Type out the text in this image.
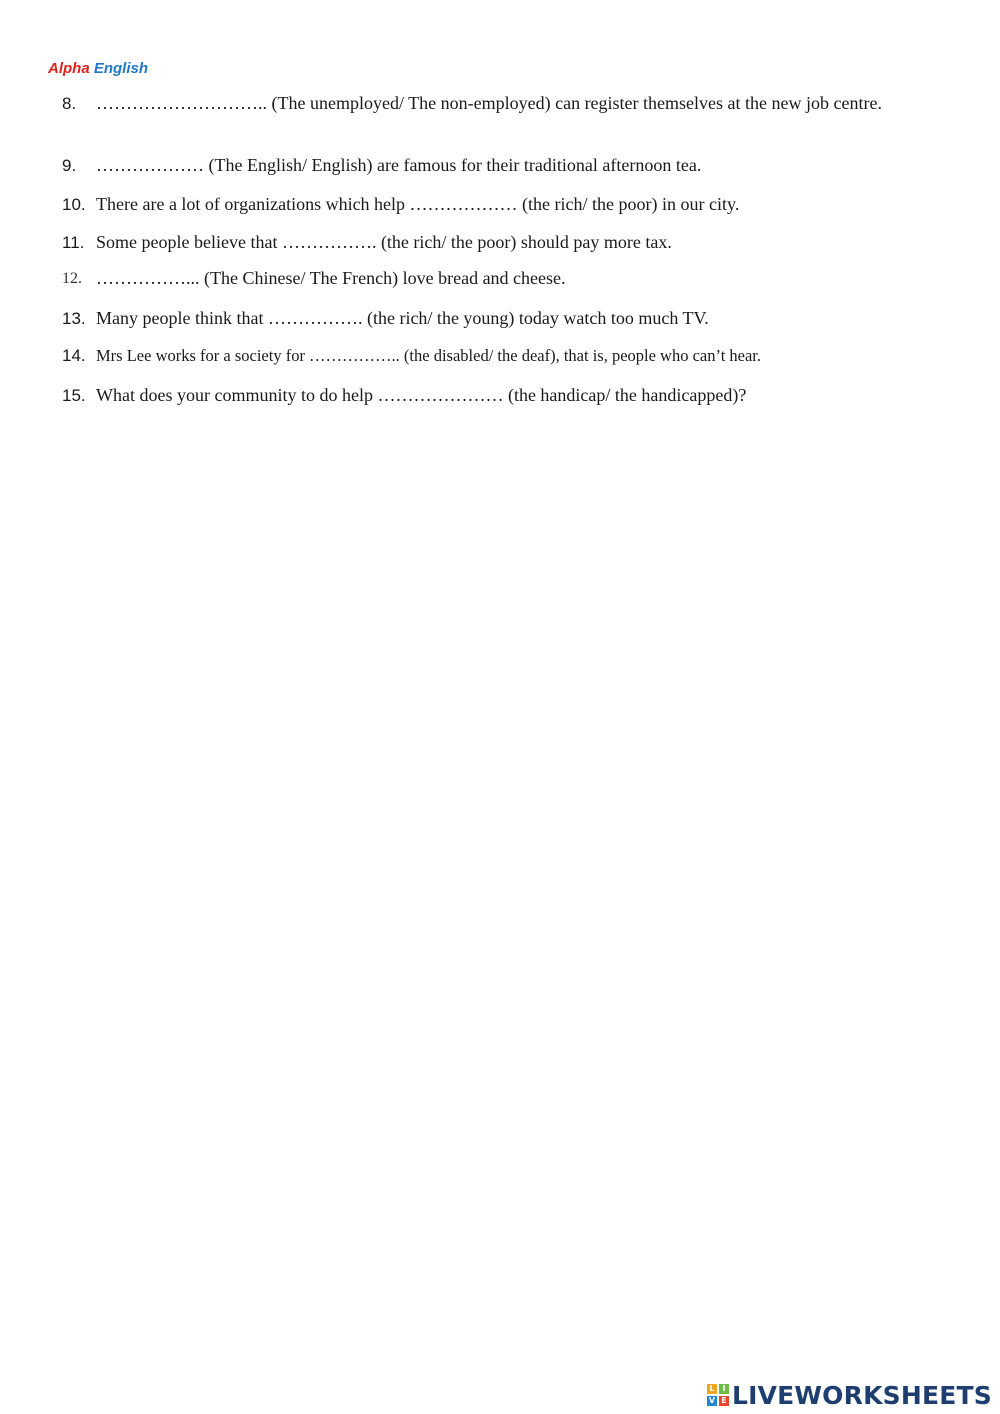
Alpha English
8.	……………………….. (The unemployed/ The non-employed) can register themselves at the new job centre.
9.	……………… (The English/ English) are famous for their traditional afternoon tea.
10. There are a lot of organizations which help ……………… (the rich/ the poor) in our city.
11. Some people believe that ……………. (the rich/ the poor) should pay more tax.
12. ……………... (The Chinese/ The French) love bread and cheese.
13. Many people think that ……………. (the rich/ the young) today watch too much TV.
14. Mrs Lee works for a society for …………….. (the disabled/ the deaf), that is, people who can’t hear.
15. What does your community to do help ………………… (the handicap/ the handicapped)?
L I
V E LIVEWORKSHEETS
